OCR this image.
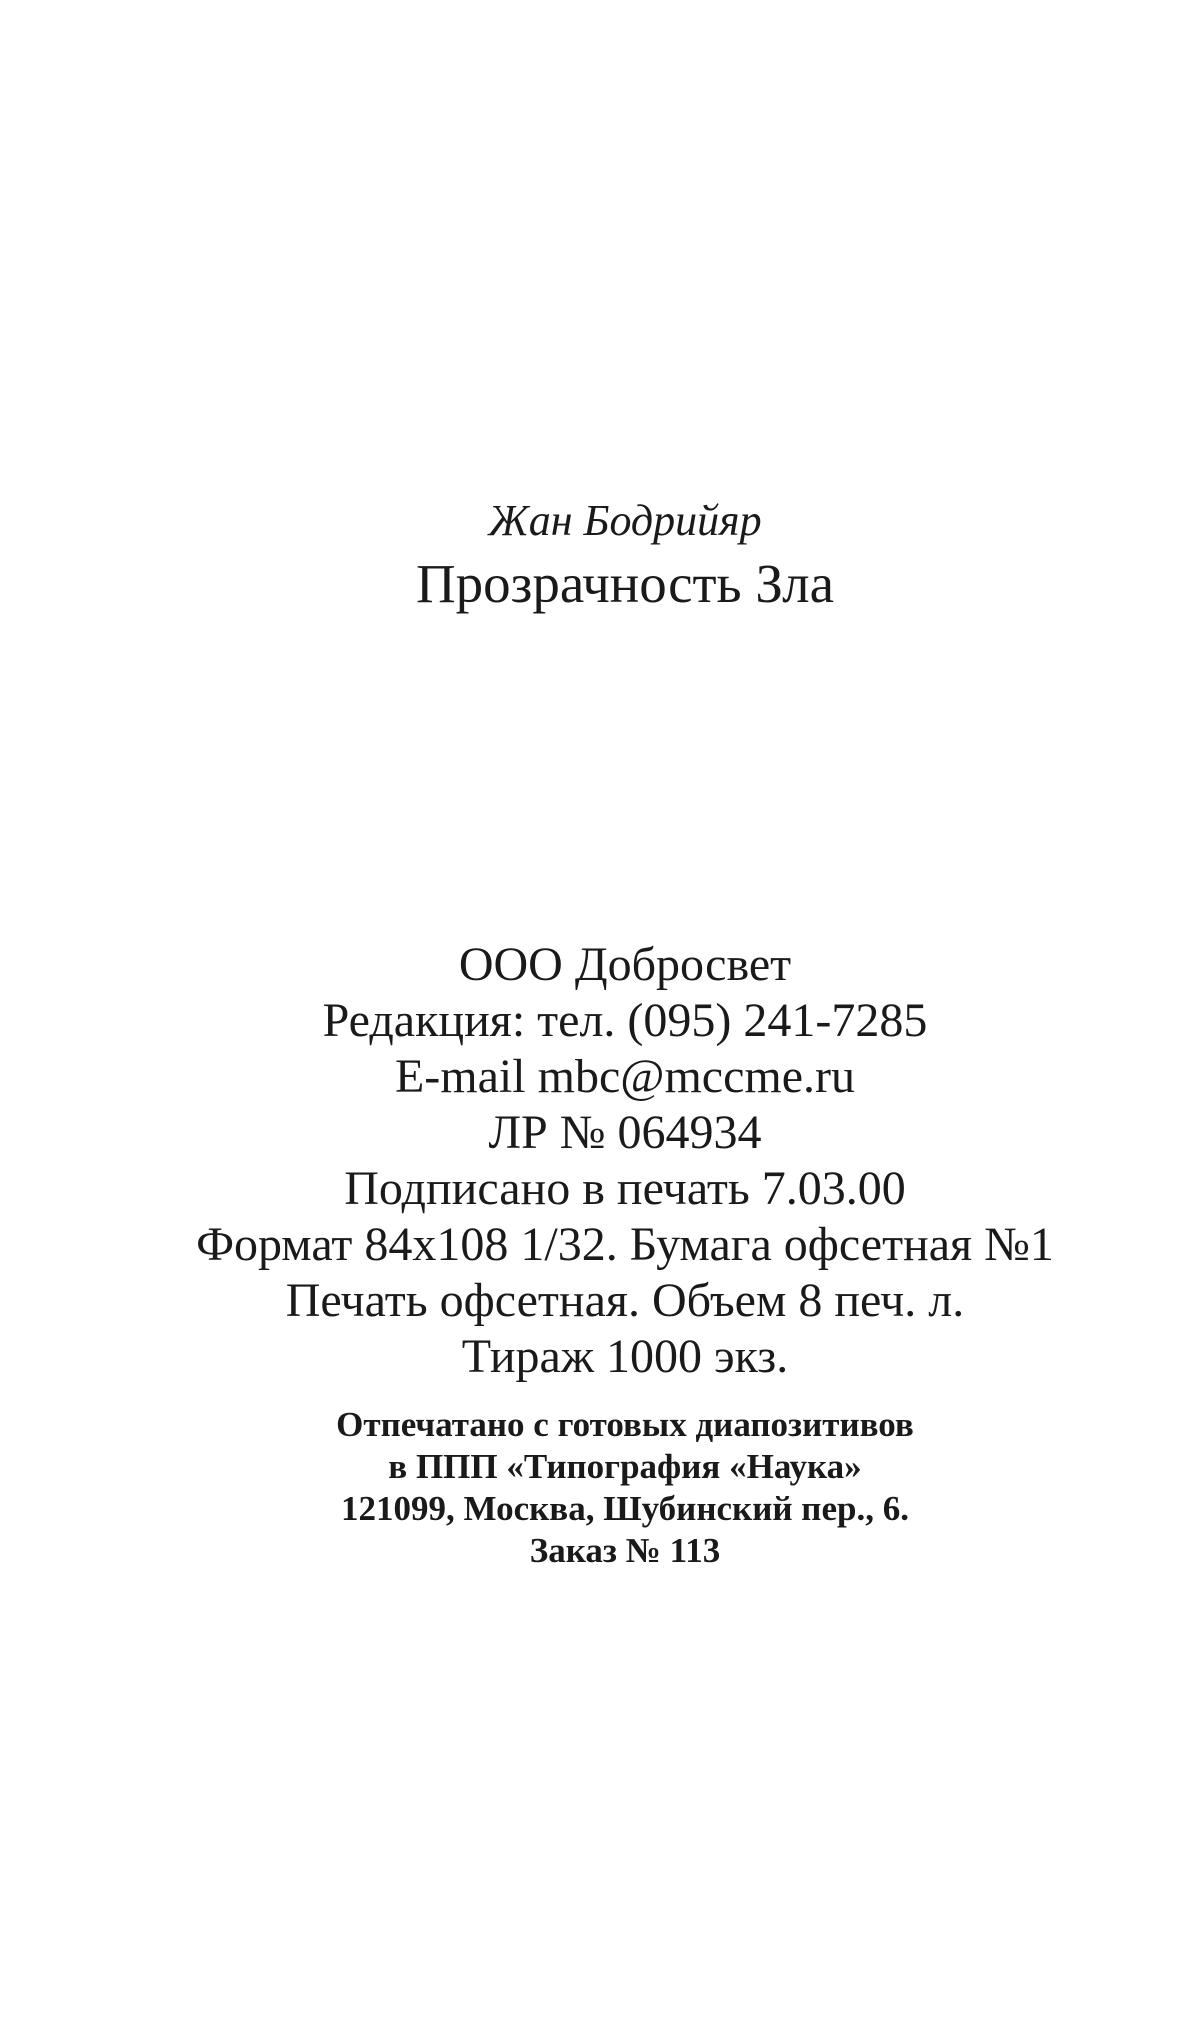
Жан Бодрийяр
Прозрачность Зла
ООО Добросвет
Редакция: тел. (095) 241-7285
E-mail mbc@mccme.ru
ЛР № 064934
Подписано в печать 7.03.00
Формат 84x108 1/32. Бумага офсетная №1
Печать офсетная. Объем 8 печ. л.
Тираж 1000 экз.
Отпечатано с готовых диапозитивов
в ППП «Типография «Наука»
121099, Москва, Шубинский пер., 6.
Заказ № 113
